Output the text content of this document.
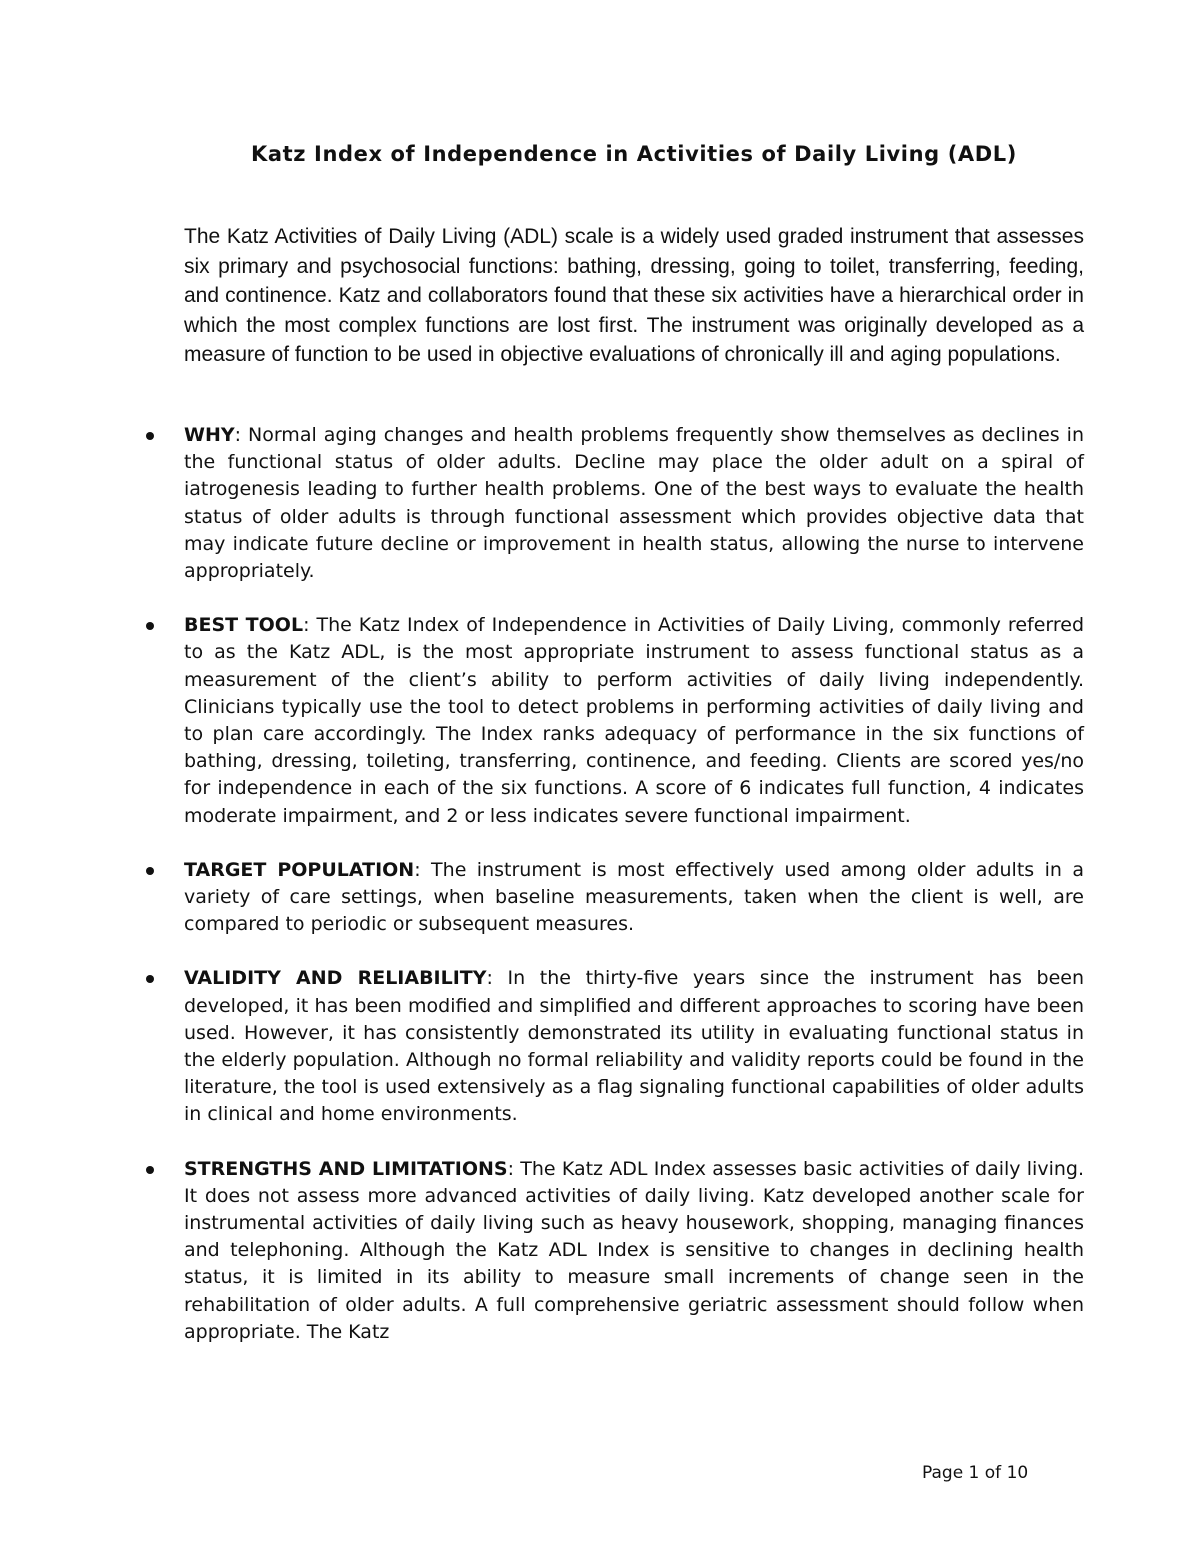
Katz Index of Independence in Activities of Daily Living (ADL)

The Katz Activities of Daily Living (ADL) scale is a widely used graded instrument that assesses six primary and psychosocial functions: bathing, dressing, going to toilet, transferring, feeding, and continence. Katz and collaborators found that these six activities have a hierarchical order in which the most complex functions are lost first. The instrument was originally developed as a measure of function to be used in objective evaluations of chronically ill and aging populations.

WHY: Normal aging changes and health problems frequently show themselves as declines in the functional status of older adults. Decline may place the older adult on a spiral of iatrogenesis leading to further health problems. One of the best ways to evaluate the health status of older adults is through functional assessment which provides objective data that may indicate future decline or improvement in health status, allowing the nurse to intervene appropriately.

BEST TOOL: The Katz Index of Independence in Activities of Daily Living, commonly referred to as the Katz ADL, is the most appropriate instrument to assess functional status as a measurement of the client’s ability to perform activities of daily living independently. Clinicians typically use the tool to detect problems in performing activities of daily living and to plan care accordingly. The Index ranks adequacy of performance in the six functions of bathing, dressing, toileting, transferring, continence, and feeding. Clients are scored yes/no for independence in each of the six functions. A score of 6 indicates full function, 4 indicates moderate impairment, and 2 or less indicates severe functional impairment.

TARGET POPULATION: The instrument is most effectively used among older adults in a variety of care settings, when baseline measurements, taken when the client is well, are compared to periodic or subsequent measures.

VALIDITY AND RELIABILITY: In the thirty-five years since the instrument has been developed, it has been modified and simplified and different approaches to scoring have been used. However, it has consistently demonstrated its utility in evaluating functional status in the elderly population. Although no formal reliability and validity reports could be found in the literature, the tool is used extensively as a flag signaling functional capabilities of older adults in clinical and home environments.

STRENGTHS AND LIMITATIONS: The Katz ADL Index assesses basic activities of daily living. It does not assess more advanced activities of daily living. Katz developed another scale for instrumental activities of daily living such as heavy housework, shopping, managing finances and telephoning. Although the Katz ADL Index is sensitive to changes in declining health status, it is limited in its ability to measure small increments of change seen in the rehabilitation of older adults. A full comprehensive geriatric assessment should follow when appropriate. The Katz

Page 1 of 10
